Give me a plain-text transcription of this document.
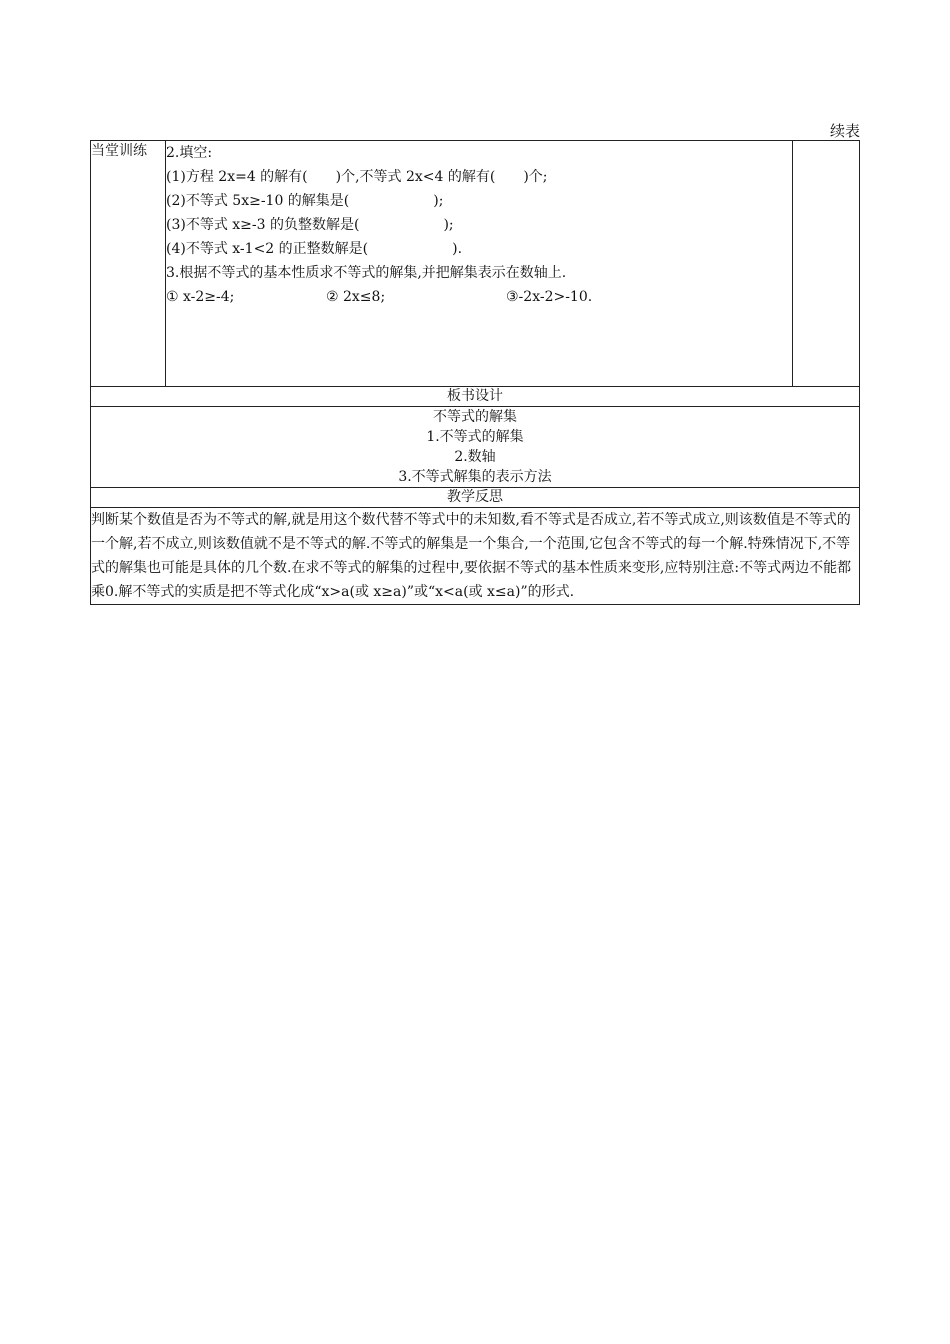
续表
当堂训练	2.填空:
(1)方程 2x=4 的解有(　　)个,不等式 2x<4 的解有(　　)个;
(2)不等式 5x≥-10 的解集是(　　　　　　);
(3)不等式 x≥-3 的负整数解是(　　　　　　);
(4)不等式 x-1<2 的正整数解是(　　　　　　).
3.根据不等式的基本性质求不等式的解集,并把解集表示在数轴上.
① x-2≥-4;	② 2x≤8;	③-2x-2>-10.

板书设计

不等式的解集
1.不等式的解集
2.数轴
3.不等式解集的表示方法

教学反思
判断某个数值是否为不等式的解,就是用这个数代替不等式中的未知数,看不等式是否成立,若不等式成立,则该数值是不等式的一个解,若不成立,则该数值就不是不等式的解.不等式的解集是一个集合,一个范围,它包含不等式的每一个解.特殊情况下,不等式的解集也可能是具体的几个数.在求不等式的解集的过程中,要依据不等式的基本性质来变形,应特别注意:不等式两边不能都乘0.解不等式的实质是把不等式化成“x>a(或 x≥a)”或“x<a(或 x≤a)”的形式.
